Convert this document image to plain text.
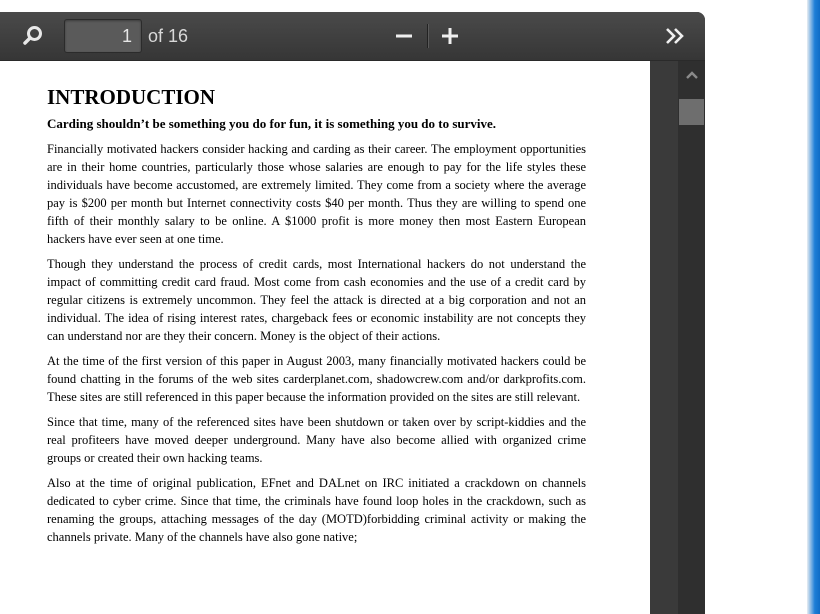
1 of 16
INTRODUCTION
Carding shouldn’t be something you do for fun, it is something you do to survive.

Financially motivated hackers consider hacking and carding as their career. The employment opportunities are in their home countries, particularly those whose salaries are enough to pay for the life styles these individuals have become accustomed, are extremely limited. They come from a society where the average pay is $200 per month but Internet connectivity costs $40 per month. Thus they are willing to spend one fifth of their monthly salary to be online. A $1000 profit is more money then most Eastern European hackers have ever seen at one time.

Though they understand the process of credit cards, most International hackers do not understand the impact of committing credit card fraud. Most come from cash economies and the use of a credit card by regular citizens is extremely uncommon. They feel the attack is directed at a big corporation and not an individual. The idea of rising interest rates, chargeback fees or economic instability are not concepts they can understand nor are they their concern. Money is the object of their actions.

At the time of the first version of this paper in August 2003, many financially motivated hackers could be found chatting in the forums of the web sites carderplanet.com, shadowcrew.com and/or darkprofits.com. These sites are still referenced in this paper because the information provided on the sites are still relevant.

Since that time, many of the referenced sites have been shutdown or taken over by script-kiddies and the real profiteers have moved deeper underground. Many have also become allied with organized crime groups or created their own hacking teams.

Also at the time of original publication, EFnet and DALnet on IRC initiated a crackdown on channels dedicated to cyber crime. Since that time, the criminals have found loop holes in the crackdown, such as renaming the groups, attaching messages of the day (MOTD)forbidding criminal activity or making the channels private. Many of the channels have also gone native;
